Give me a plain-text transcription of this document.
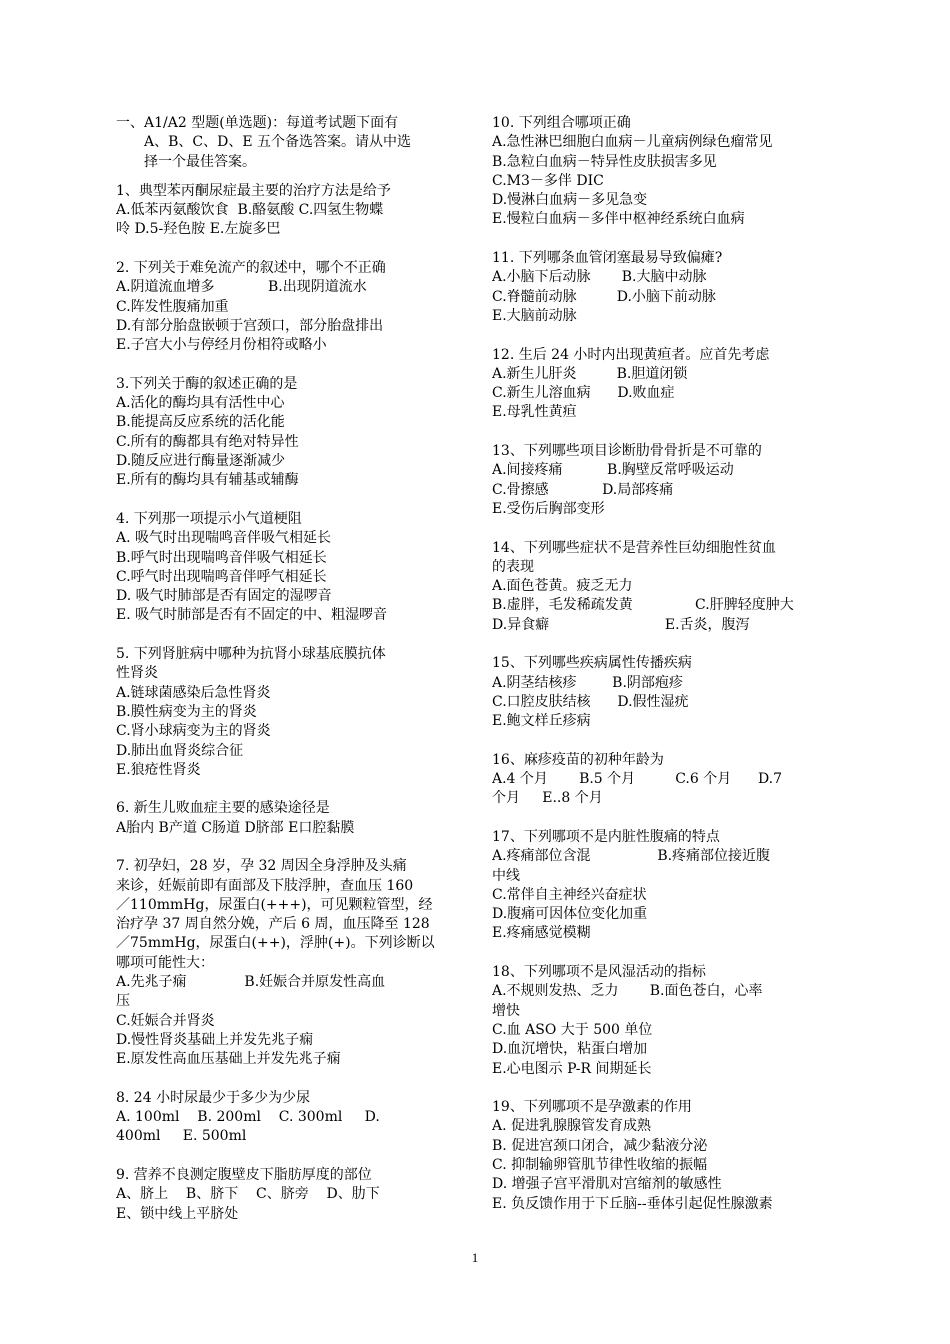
一、A1/A2 型题(单选题)：每道考试题下面有
A、B、C、D、E 五个备选答案。请从中选
择一个最佳答案。
1、典型苯丙酮尿症最主要的治疗方法是给予
A.低苯丙氨酸饮食  B.酪氨酸 C.四氢生物蝶
呤 D.5-羟色胺 E.左旋多巴
2. 下列关于难免流产的叙述中，哪个不正确
A.阴道流血增多            B.出现阴道流水
C.阵发性腹痛加重
D.有部分胎盘嵌顿于宫颈口，部分胎盘排出
E.子宫大小与停经月份相符或略小
3.下列关于酶的叙述正确的是
A.活化的酶均具有活性中心
B.能提高反应系统的活化能
C.所有的酶都具有绝对特异性
D.随反应进行酶量逐渐减少
E.所有的酶均具有辅基或辅酶
4. 下列那一项提示小气道梗阻
A. 吸气时出现喘鸣音伴吸气相延长
B.呼气时出现喘鸣音伴吸气相延长
C.呼气时出现喘鸣音伴呼气相延长
D. 吸气时肺部是否有固定的湿啰音
E. 吸气时肺部是否有不固定的中、粗湿啰音
5. 下列肾脏病中哪种为抗肾小球基底膜抗体
性肾炎
A.链球菌感染后急性肾炎
B.膜性病变为主的肾炎
C.肾小球病变为主的肾炎
D.肺出血肾炎综合征
E.狼疮性肾炎
6. 新生儿败血症主要的感染途径是
A胎内 B产道 C肠道 D脐部 E口腔黏膜
7. 初孕妇，28 岁，孕 32 周因全身浮肿及头痛
来诊，妊娠前即有面部及下肢浮肿，查血压 160
／110mmHg，尿蛋白(+++)，可见颗粒管型，经
治疗孕 37 周自然分娩，产后 6 周，血压降至 128
／75mmHg，尿蛋白(++)，浮肿(+)。下列诊断以
哪项可能性大：
A.先兆子痫             B.妊娠合并原发性高血
压
C.妊娠合并肾炎
D.慢性肾炎基础上并发先兆子痫
E.原发性高血压基础上并发先兆子痫
8. 24 小时尿最少于多少为少尿
A. 100ml    B. 200ml    C. 300ml     D.
400ml     E. 500ml
9. 营养不良测定腹壁皮下脂肪厚度的部位
A、脐上    B、脐下    C、脐旁    D、肋下
E、锁中线上平脐处
10. 下列组合哪项正确
A.急性淋巴细胞白血病－儿童病例绿色瘤常见
B.急粒白血病－特异性皮肤损害多见
C.M3－多伴 DIC
D.慢淋白血病－多见急变
E.慢粒白血病－多伴中枢神经系统白血病
11. 下列哪条血管闭塞最易导致偏瘫?
A.小脑下后动脉       B.大脑中动脉
C.脊髓前动脉         D.小脑下前动脉
E.大脑前动脉
12. 生后 24 小时内出现黄疸者。应首先考虑
A.新生儿肝炎         B.胆道闭锁
C.新生儿溶血病      D.败血症
E.母乳性黄疸
13、下列哪些项目诊断肋骨骨折是不可靠的
A.间接疼痛          B.胸壁反常呼吸运动
C.骨擦感            D.局部疼痛
E.受伤后胸部变形
14、下列哪些症状不是营养性巨幼细胞性贫血
的表现
A.面色苍黄。疲乏无力
B.虚胖，毛发稀疏发黄              C.肝脾轻度肿大
D.异食癖                          E.舌炎，腹泻
15、下列哪些疾病属性传播疾病
A.阴茎结核疹        B.阴部疱疹
C.口腔皮肤结核      D.假性湿疣
E.鲍文样丘疹病
16、麻疹疫苗的初种年龄为
A.4 个月       B.5 个月         C.6 个月      D.7
个月     E..8 个月
17、下列哪项不是内脏性腹痛的特点
A.疼痛部位含混               B.疼痛部位接近腹
中线
C.常伴自主神经兴奋症状
D.腹痛可因体位变化加重
E.疼痛感觉模糊
18、下列哪项不是风湿活动的指标
A.不规则发热、乏力       B.面色苍白，心率
增快
C.血 ASO 大于 500 单位
D.血沉增快，粘蛋白增加
E.心电图示 P-R 间期延长
19、下列哪项不是孕激素的作用
A. 促进乳腺腺管发育成熟
B. 促进宫颈口闭合，减少黏液分泌
C. 抑制输卵管肌节律性收缩的振幅
D. 增强子宫平滑肌对宫缩剂的敏感性
E. 负反馈作用于下丘脑--垂体引起促性腺激素
1
